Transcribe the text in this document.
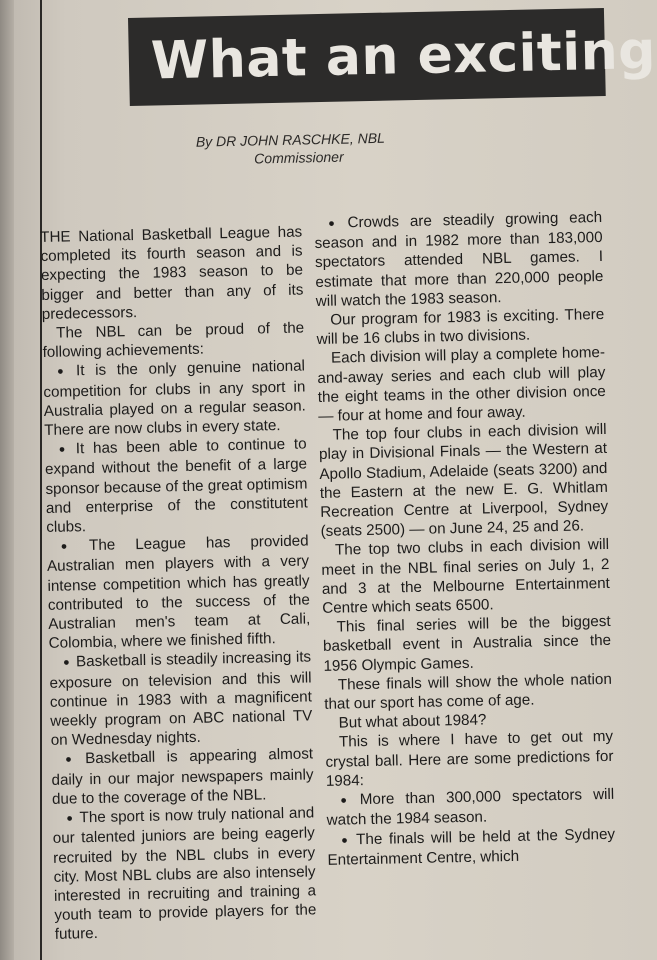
What an exciting
By DR JOHN RASCHKE, NBL
Commissioner

THE National Basketball League has completed its fourth season and is expecting the 1983 season to be bigger and better than any of its predecessors.

The NBL can be proud of the following achievements:

● It is the only genuine national competition for clubs in any sport in Australia played on a regular season. There are now clubs in every state.

● It has been able to continue to expand without the benefit of a large sponsor because of the great optimism and enterprise of the constitutent clubs.

● The League has provided Australian men players with a very intense competition which has greatly contributed to the success of the Australian men's team at Cali, Colombia, where we finished fifth.

● Basketball is steadily increasing its exposure on television and this will continue in 1983 with a magnificent weekly program on ABC national TV on Wednesday nights.

● Basketball is appearing almost daily in our major newspapers mainly due to the coverage of the NBL.

● The sport is now truly national and our talented juniors are being eagerly recruited by the NBL clubs in every city. Most NBL clubs are also intensely interested in recruiting and training a youth team to provide players for the future.

● Crowds are steadily growing each season and in 1982 more than 183,000 spectators attended NBL games. I estimate that more than 220,000 people will watch the 1983 season.

Our program for 1983 is exciting. There will be 16 clubs in two divisions.

Each division will play a complete home-and-away series and each club will play the eight teams in the other division once — four at home and four away.

The top four clubs in each division will play in Divisional Finals — the Western at Apollo Stadium, Adelaide (seats 3200) and the Eastern at the new E. G. Whitlam Recreation Centre at Liverpool, Sydney (seats 2500) — on June 24, 25 and 26.

The top two clubs in each division will meet in the NBL final series on July 1, 2 and 3 at the Melbourne Entertainment Centre which seats 6500.

This final series will be the biggest basketball event in Australia since the 1956 Olympic Games.

These finals will show the whole nation that our sport has come of age.

But what about 1984?

This is where I have to get out my crystal ball. Here are some predictions for 1984:

● More than 300,000 spectators will watch the 1984 season.

● The finals will be held at the Sydney Entertainment Centre, which
